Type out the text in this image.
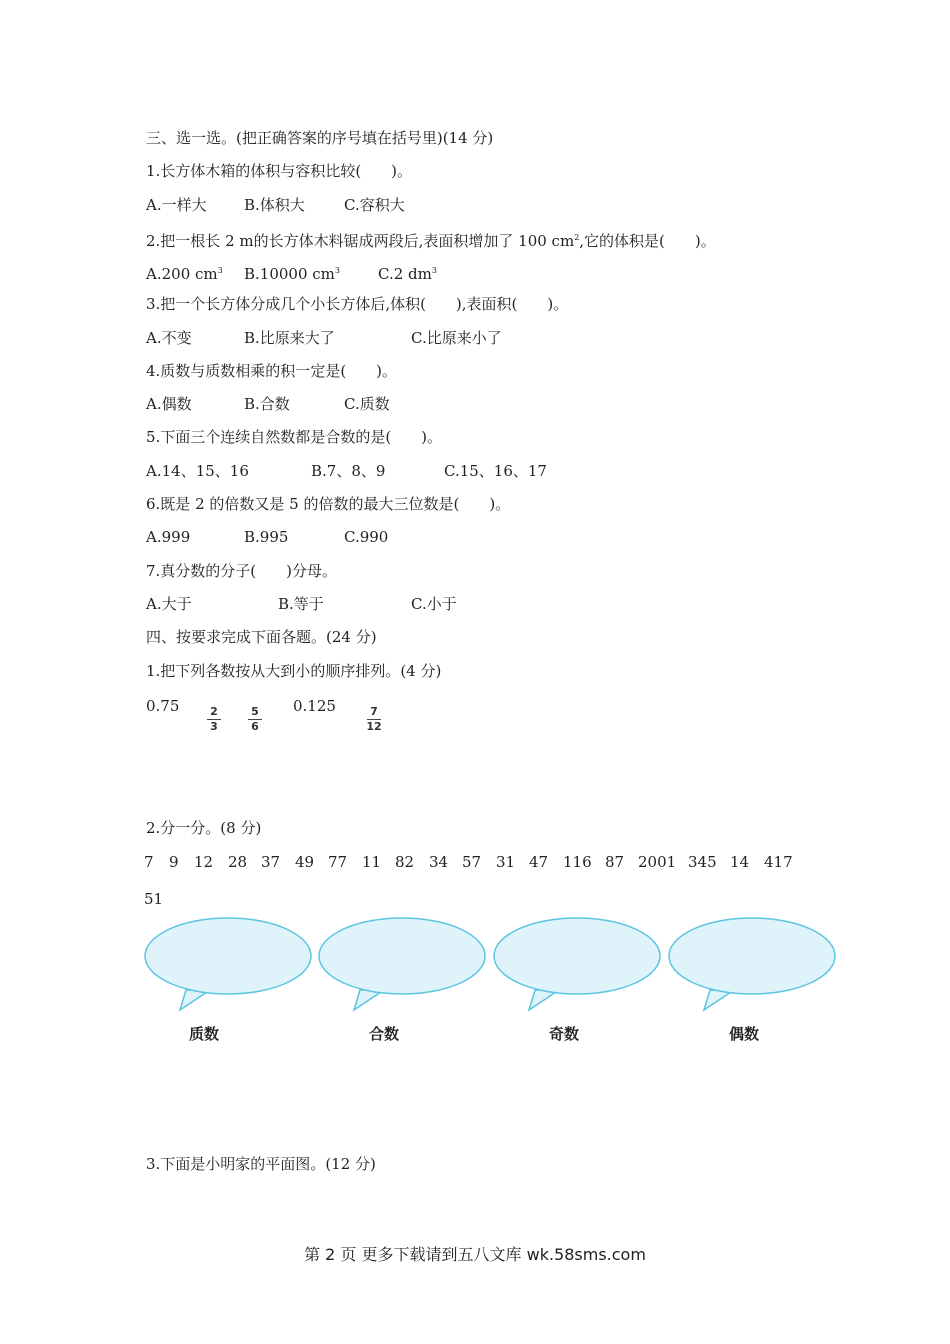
三、选一选。(把正确答案的序号填在括号里)(14 分)
1.长方体木箱的体积与容积比较(　　)。
A.一样大 B.体积大	C.容积大
2.把一根长 2 m的长方体木料锯成两段后,表面积增加了 100 $cm^2$,它的体积是(　　)。
A.200 $cm^3$ B.10000 $cm^3$	C.2 $dm^3$
3.把一个长方体分成几个小长方体后,体积(　　),表面积(　　)。
A.不变	B.比原来大了	C.比原来小了
4.质数与质数相乘的积一定是(　　)。
A.偶数	B.合数	C.质数
5.下面三个连续自然数都是合数的是(　　)。
A.14、15、16	B.7、8、9	C.15、16、17
6.既是 2 的倍数又是 5 的倍数的最大三位数是(　　)。
A.999	B.995	C.990
7.真分数的分子(　　)分母。
A.大于	B.等于	C.小于
四、按要求完成下面各题。(24 分)
1.把下列各数按从大到小的顺序排列。(4 分)
0.75	2
3
5
6
0.125	7
12
2.分一分。(8 分)
7 9 12 28 37 49 77 11 82 34 57 31 47 116 87 2001 345 14 417
51
质数	合数	奇数	偶数
3.下面是小明家的平面图。(12 分)
第 2 页 更多下载请到五八文库 wk.58sms.com
